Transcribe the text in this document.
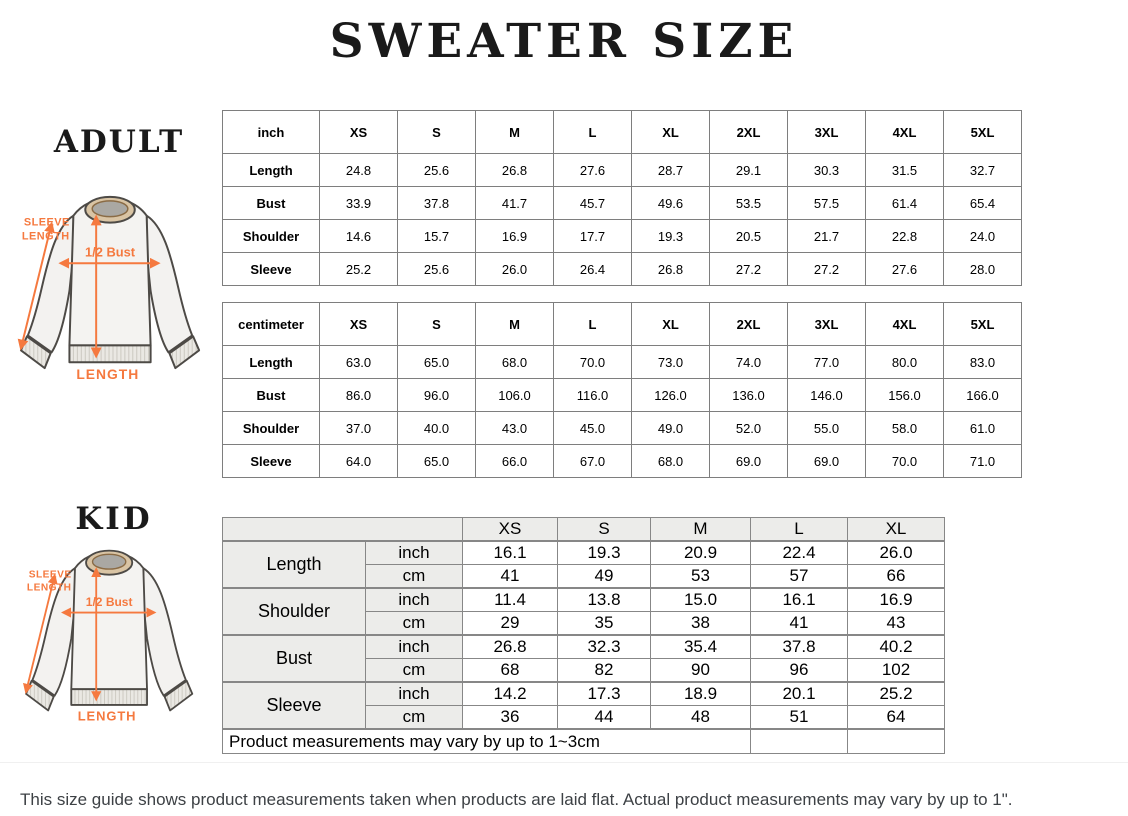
SWEATER SIZE
ADULT
KID
SLEEVE
LENGTH
1/2 Bust
LENGTH
SLEEVE
LENGTH
1/2 Bust
LENGTH
inch	XS	S	M	L	XL	2XL	3XL	4XL	5XL
Length	24.8	25.6	26.8	27.6	28.7	29.1	30.3	31.5	32.7
Bust	33.9	37.8	41.7	45.7	49.6	53.5	57.5	61.4	65.4
Shoulder	14.6	15.7	16.9	17.7	19.3	20.5	21.7	22.8	24.0
Sleeve	25.2	25.6	26.0	26.4	26.8	27.2	27.2	27.6	28.0
centimeter	XS	S	M	L	XL	2XL	3XL	4XL	5XL
Length	63.0	65.0	68.0	70.0	73.0	74.0	77.0	80.0	83.0
Bust	86.0	96.0	106.0	116.0	126.0	136.0	146.0	156.0	166.0
Shoulder	37.0	40.0	43.0	45.0	49.0	52.0	55.0	58.0	61.0
Sleeve	64.0	65.0	66.0	67.0	68.0	69.0	69.0	70.0	71.0
		XS	S	M	L	XL
Length	inch	16.1	19.3	20.9	22.4	26.0
	cm	41	49	53	57	66
Shoulder	inch	11.4	13.8	15.0	16.1	16.9
	cm	29	35	38	41	43
Bust	inch	26.8	32.3	35.4	37.8	40.2
	cm	68	82	90	96	102
Sleeve	inch	14.2	17.3	18.9	20.1	25.2
	cm	36	44	48	51	64
Product measurements may vary by up to 1~3cm						

This size guide shows product measurements taken when products are laid flat. Actual product measurements may vary by up to 1".
